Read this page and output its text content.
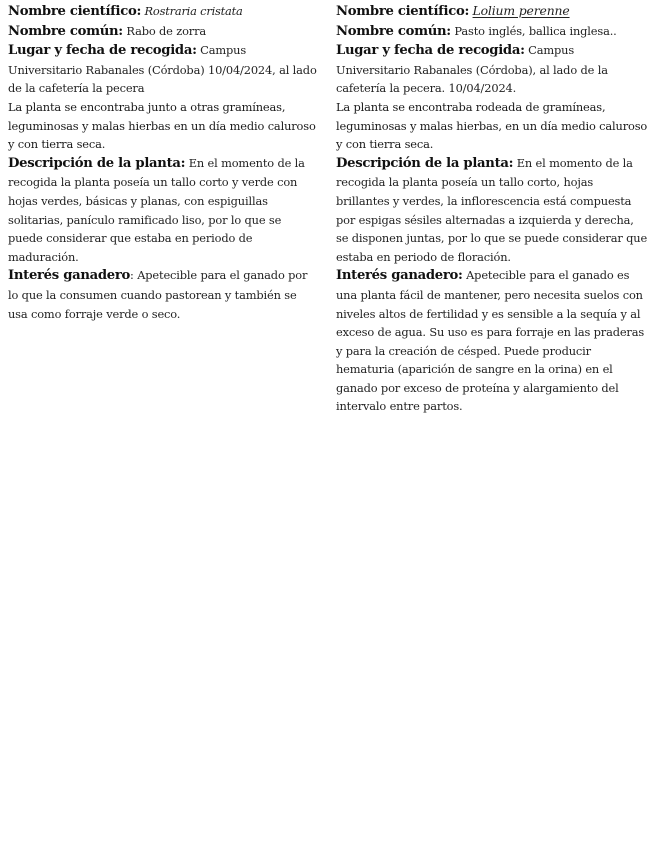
Nombre científico: Rostraria cristata

Nombre común: Rabo de zorra

Lugar y fecha de recogida: Campus Universitario Rabanales (Córdoba) 10/04/2024, al lado de la cafetería la pecera

La planta se encontraba junto a otras gramíneas, leguminosas y malas hierbas en un día medio caluroso y con tierra seca.

Descripción de la planta: En el momento de la recogida la planta poseía un tallo corto y verde con hojas verdes, básicas y planas, con espiguillas solitarias, panículo ramificado liso, por lo que se puede considerar que estaba en periodo de maduración.

Interés ganadero: Apetecible para el ganado por lo que la consumen cuando pastorean y también se usa como forraje verde o seco.

Nombre científico: Lolium perenne

Nombre común: Pasto inglés, ballica inglesa..

Lugar y fecha de recogida: Campus Universitario Rabanales (Córdoba), al lado de la cafetería la pecera. 10/04/2024.

La planta se encontraba rodeada de gramíneas, leguminosas y malas hierbas, en un día medio caluroso y con tierra seca.

Descripción de la planta: En el momento de la recogida la planta poseía un tallo corto, hojas brillantes y verdes, la inflorescencia está compuesta por espigas sésiles alternadas a izquierda y derecha, se disponen juntas, por lo que se puede considerar que estaba en periodo de floración.

Interés ganadero: Apetecible para el ganado es una planta fácil de mantener, pero necesita suelos con niveles altos de fertilidad y es sensible a la sequía y al exceso de agua. Su uso es para forraje en las praderas y para la creación de césped. Puede producir hematuria (aparición de sangre en la orina) en el ganado por exceso de proteína y alargamiento del intervalo entre partos.
